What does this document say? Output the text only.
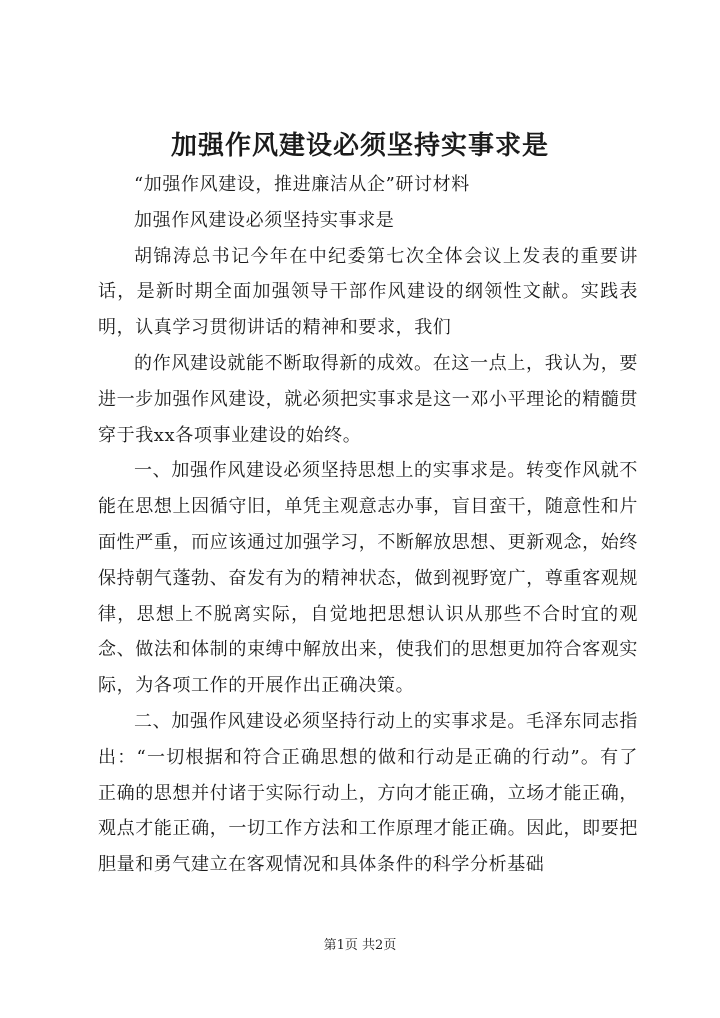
加强作风建设必须坚持实事求是

“加强作风建设，推进廉洁从企”研讨材料

加强作风建设必须坚持实事求是

胡锦涛总书记今年在中纪委第七次全体会议上发表的重要讲话，是新时期全面加强领导干部作风建设的纲领性文献。实践表明，认真学习贯彻讲话的精神和要求，我们

的作风建设就能不断取得新的成效。在这一点上，我认为，要进一步加强作风建设，就必须把实事求是这一邓小平理论的精髓贯穿于我xx各项事业建设的始终。

一、加强作风建设必须坚持思想上的实事求是。转变作风就不能在思想上因循守旧，单凭主观意志办事，盲目蛮干，随意性和片面性严重，而应该通过加强学习，不断解放思想、更新观念，始终保持朝气蓬勃、奋发有为的精神状态，做到视野宽广，尊重客观规律，思想上不脱离实际，自觉地把思想认识从那些不合时宜的观念、做法和体制的束缚中解放出来，使我们的思想更加符合客观实际，为各项工作的开展作出正确决策。

二、加强作风建设必须坚持行动上的实事求是。毛泽东同志指出：“一切根据和符合正确思想的做和行动是正确的行动”。有了正确的思想并付诸于实际行动上，方向才能正确，立场才能正确，观点才能正确，一切工作方法和工作原理才能正确。因此，即要把胆量和勇气建立在客观情况和具体条件的科学分析基础

第1页 共2页
